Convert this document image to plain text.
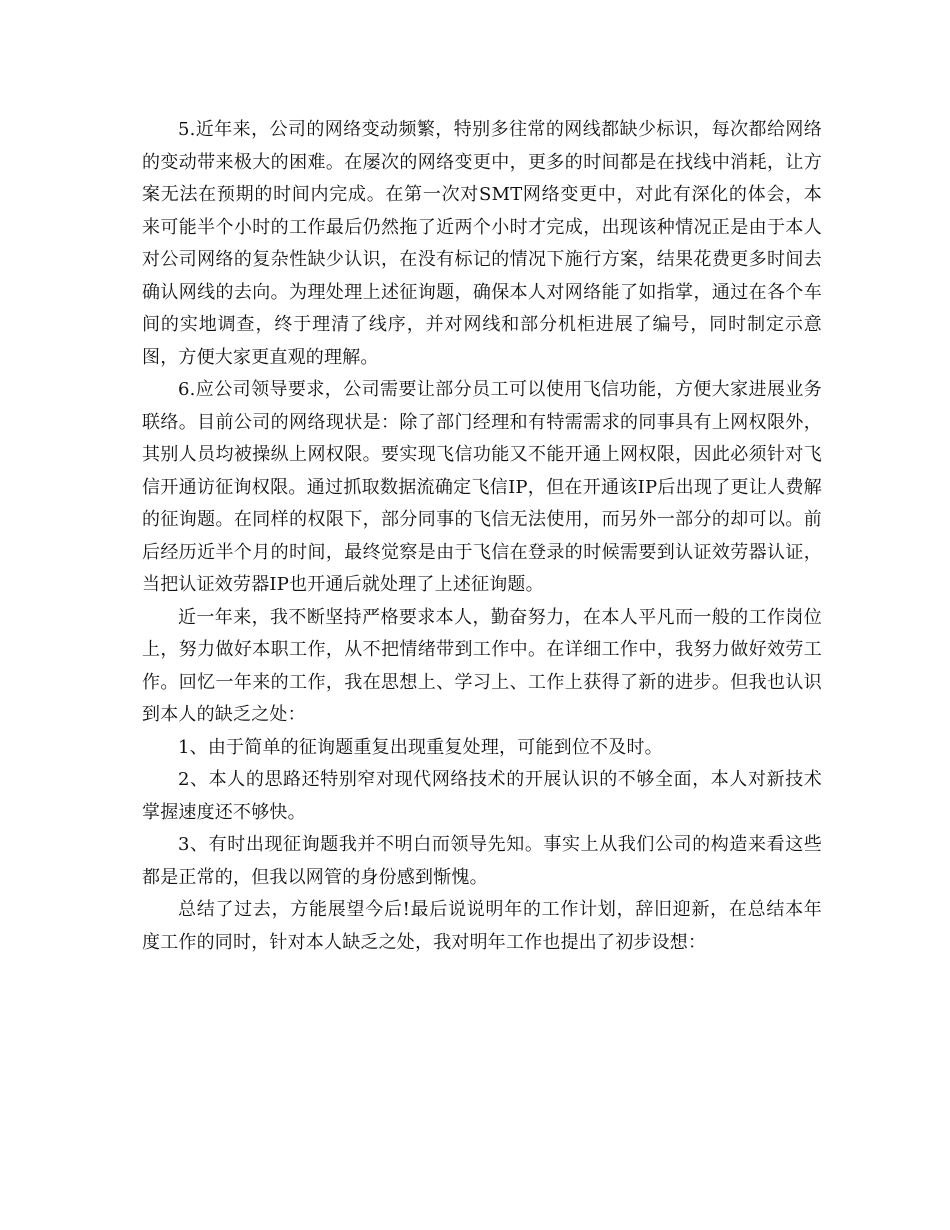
5.近年来，公司的网络变动频繁，特别多往常的网线都缺少标识，每次都给网络的变动带来极大的困难。在屡次的网络变更中，更多的时间都是在找线中消耗，让方案无法在预期的时间内完成。在第一次对SMT网络变更中，对此有深化的体会，本来可能半个小时的工作最后仍然拖了近两个小时才完成，出现该种情况正是由于本人对公司网络的复杂性缺少认识，在没有标记的情况下施行方案，结果花费更多时间去确认网线的去向。为理处理上述征询题，确保本人对网络能了如指掌，通过在各个车间的实地调查，终于理清了线序，并对网线和部分机柜进展了编号，同时制定示意图，方便大家更直观的理解。

6.应公司领导要求，公司需要让部分员工可以使用飞信功能，方便大家进展业务联络。目前公司的网络现状是：除了部门经理和有特需需求的同事具有上网权限外，其别人员均被操纵上网权限。要实现飞信功能又不能开通上网权限，因此必须针对飞信开通访征询权限。通过抓取数据流确定飞信IP，但在开通该IP后出现了更让人费解的征询题。在同样的权限下，部分同事的飞信无法使用，而另外一部分的却可以。前后经历近半个月的时间，最终觉察是由于飞信在登录的时候需要到认证效劳器认证，当把认证效劳器IP也开通后就处理了上述征询题。

近一年来，我不断坚持严格要求本人，勤奋努力，在本人平凡而一般的工作岗位上，努力做好本职工作，从不把情绪带到工作中。在详细工作中，我努力做好效劳工作。回忆一年来的工作，我在思想上、学习上、工作上获得了新的进步。但我也认识到本人的缺乏之处：

1、由于简单的征询题重复出现重复处理，可能到位不及时。

2、本人的思路还特别窄对现代网络技术的开展认识的不够全面，本人对新技术掌握速度还不够快。

3、有时出现征询题我并不明白而领导先知。事实上从我们公司的构造来看这些都是正常的，但我以网管的身份感到惭愧。

总结了过去，方能展望今后!最后说说明年的工作计划，辞旧迎新，在总结本年度工作的同时，针对本人缺乏之处，我对明年工作也提出了初步设想：
